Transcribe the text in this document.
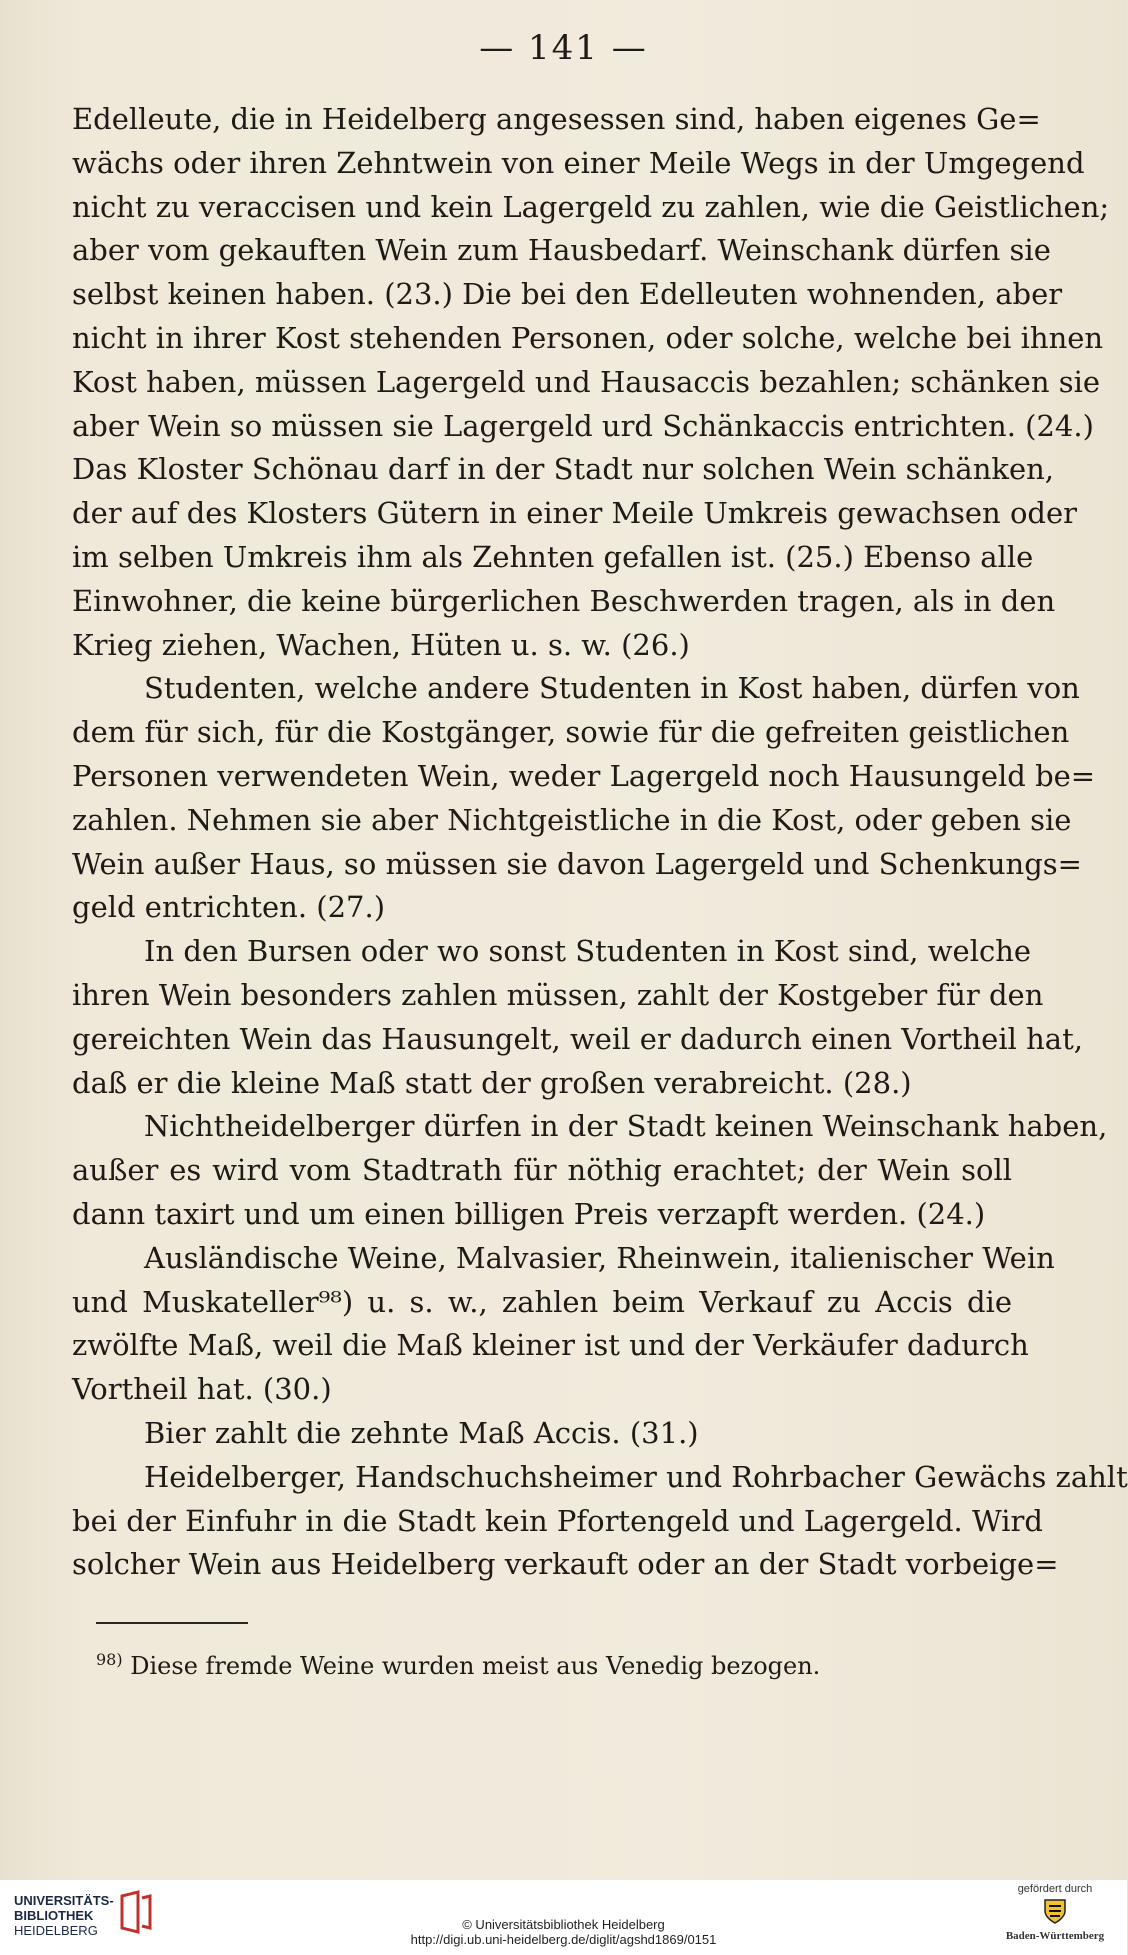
— 141 —
Edelleute, die in Heidelberg angesessen sind, haben eigenes Ge=
wächs oder ihren Zehntwein von einer Meile Wegs in der Umgegend
nicht zu veraccisen und kein Lagergeld zu zahlen, wie die Geistlichen;
aber vom gekauften Wein zum Hausbedarf. Weinschank dürfen sie
selbst keinen haben. (23.) Die bei den Edelleuten wohnenden, aber
nicht in ihrer Kost stehenden Personen, oder solche, welche bei ihnen
Kost haben, müssen Lagergeld und Hausaccis bezahlen; schänken sie
aber Wein so müssen sie Lagergeld urd Schänkaccis entrichten. (24.)
Das Kloster Schönau darf in der Stadt nur solchen Wein schänken,
der auf des Klosters Gütern in einer Meile Umkreis gewachsen oder
im selben Umkreis ihm als Zehnten gefallen ist. (25.) Ebenso alle
Einwohner, die keine bürgerlichen Beschwerden tragen, als in den
Krieg ziehen, Wachen, Hüten u. s. w. (26.)
Studenten, welche andere Studenten in Kost haben, dürfen von
dem für sich, für die Kostgänger, sowie für die gefreiten geistlichen
Personen verwendeten Wein, weder Lagergeld noch Hausungeld be=
zahlen. Nehmen sie aber Nichtgeistliche in die Kost, oder geben sie
Wein außer Haus, so müssen sie davon Lagergeld und Schenkungs=
geld entrichten. (27.)
In den Bursen oder wo sonst Studenten in Kost sind, welche
ihren Wein besonders zahlen müssen, zahlt der Kostgeber für den
gereichten Wein das Hausungelt, weil er dadurch einen Vortheil hat,
daß er die kleine Maß statt der großen verabreicht. (28.)
Nichtheidelberger dürfen in der Stadt keinen Weinschank haben,
außer es wird vom Stadtrath für nöthig erachtet; der Wein soll
dann taxirt und um einen billigen Preis verzapft werden. (24.)
Ausländische Weine, Malvasier, Rheinwein, italienischer Wein
und Muskateller⁹⁸) u. s. w., zahlen beim Verkauf zu Accis die
zwölfte Maß, weil die Maß kleiner ist und der Verkäufer dadurch
Vortheil hat. (30.)
Bier zahlt die zehnte Maß Accis. (31.)
Heidelberger, Handschuchsheimer und Rohrbacher Gewächs zahlt
bei der Einfuhr in die Stadt kein Pfortengeld und Lagergeld. Wird
solcher Wein aus Heidelberg verkauft oder an der Stadt vorbeige=
$^{98)}$ Diese fremde Weine wurden meist aus Venedig bezogen.
UNIVERSITÄTS-
BIBLIOTHEK
HEIDELBERG	© Universitätsbibliothek Heidelberg
http://digi.ub.uni-heidelberg.de/diglit/agshd1869/0151
gefördert durch
Baden-Württemberg
